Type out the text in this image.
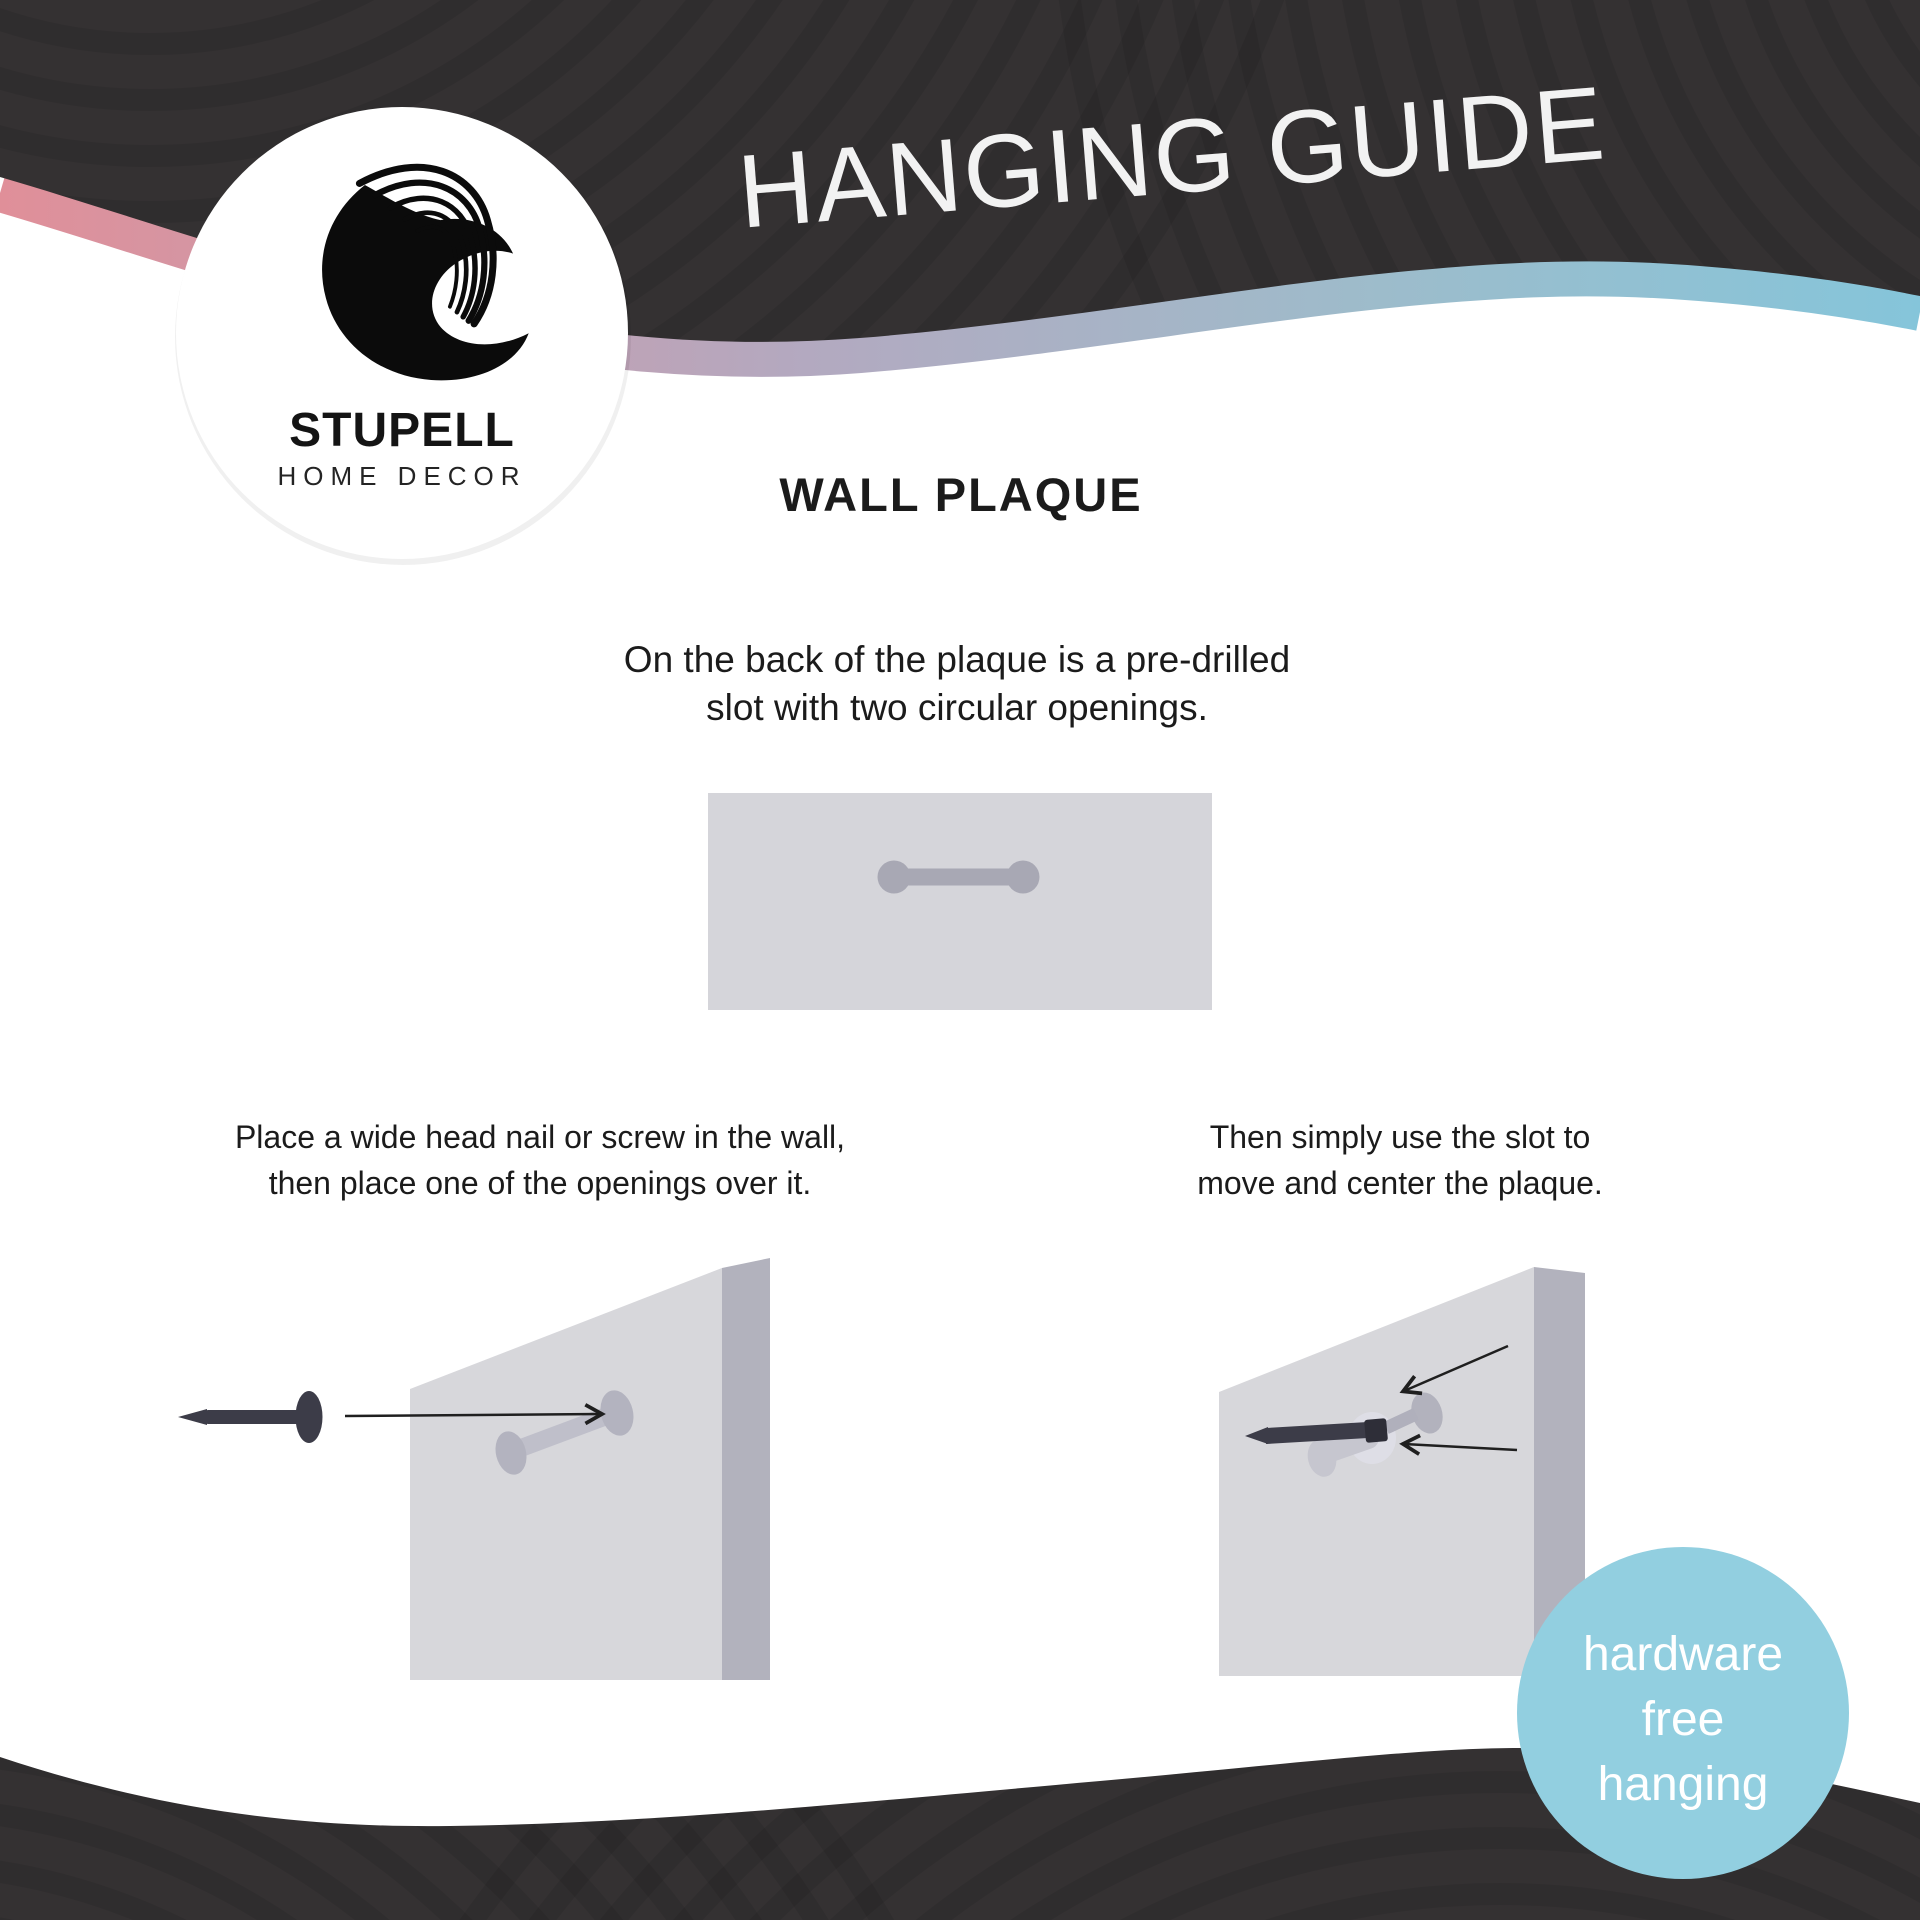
HANGING GUIDE
STUPELL
HOME DECOR	WALL PLAQUE
On the back of the plaque is a pre-drilled
slot with two circular openings.
Place a wide head nail or screw in the wall,
then place one of the openings over it.
Then simply use the slot to
move and center the plaque.
hardware
free
hanging
